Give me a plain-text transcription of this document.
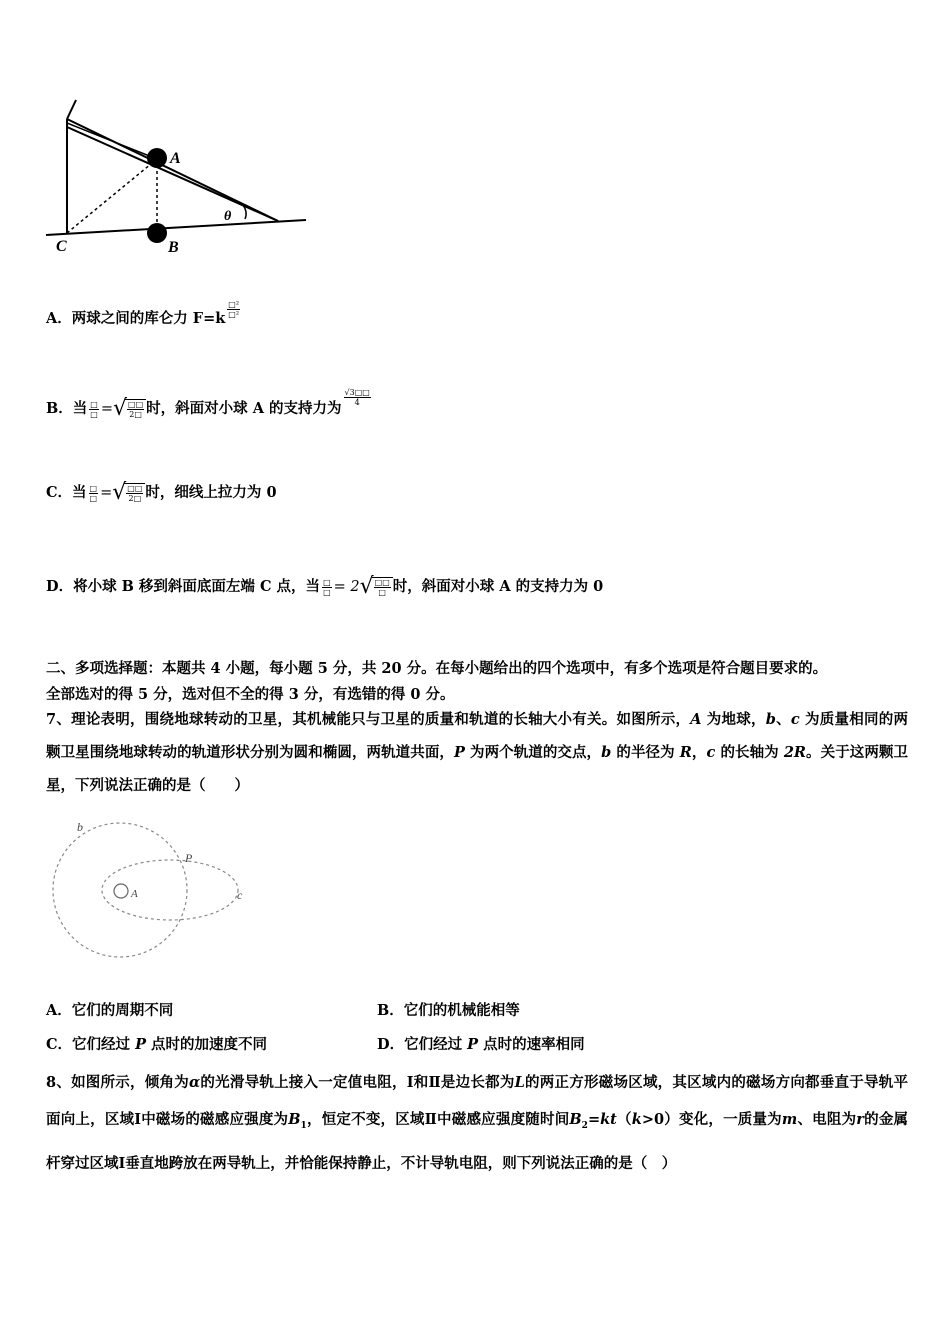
A
B
C
θ
A．两球之间的库仑力 $F=k \frac{\text{□²}}{\text{□²}}$
B．当 $\frac{□}{□}$ =√ $\frac{□□}{2□}$ 时，斜面对小球 A 的支持力为
$\frac{√3□□}{4}$
C．当 $\frac{□}{□}$ =√ $\frac{□□}{2□}$ 时，细线上拉力为 0
D．将小球 B 移到斜面底面左端 C 点，当 $\frac{□}{□} = 2√ \frac{□□}{□}$ 时，斜面对小球 A 的支持力为 0
二、多项选择题：本题共 4 小题，每小题 5 分，共 20 分。在每小题给出的四个选项中，有多个选项是符合题目要求的。
全部选对的得 5 分，选对但不全的得 3 分，有选错的得 0 分。
7、理论表明，围绕地球转动的卫星，其机械能只与卫星的质量和轨道的长轴大小有关。如图所示，A 为地球，b、c 为质量相同的两颗卫星围绕地球转动的轨道形状分别为圆和椭圆，两轨道共面，P 为两个轨道的交点，b 的半径为 R，c 的长轴为 2R。关于这两颗卫星，下列说法正确的是（　　）
b
P
A	c
A．它们的周期不同	B．它们的机械能相等
C．它们经过 P 点时的加速度不同	D．它们经过 P 点时的速率相同
8、如图所示，倾角为α的光滑导轨上接入一定值电阻，Ⅰ和Ⅱ是边长都为L的两正方形磁场区域，其区域内的磁场方向都垂直于导轨平面向上，区域Ⅰ中磁场的磁感应强度为$B_1$，恒定不变，区域Ⅱ中磁感应强度随时间$B_2=kt(k>0)$变化，一质量为m、电阻为r的金属杆穿过区域Ⅰ垂直地跨放在两导轨上，并恰能保持静止，不计导轨电阻，则下列说法正确的是（　）
